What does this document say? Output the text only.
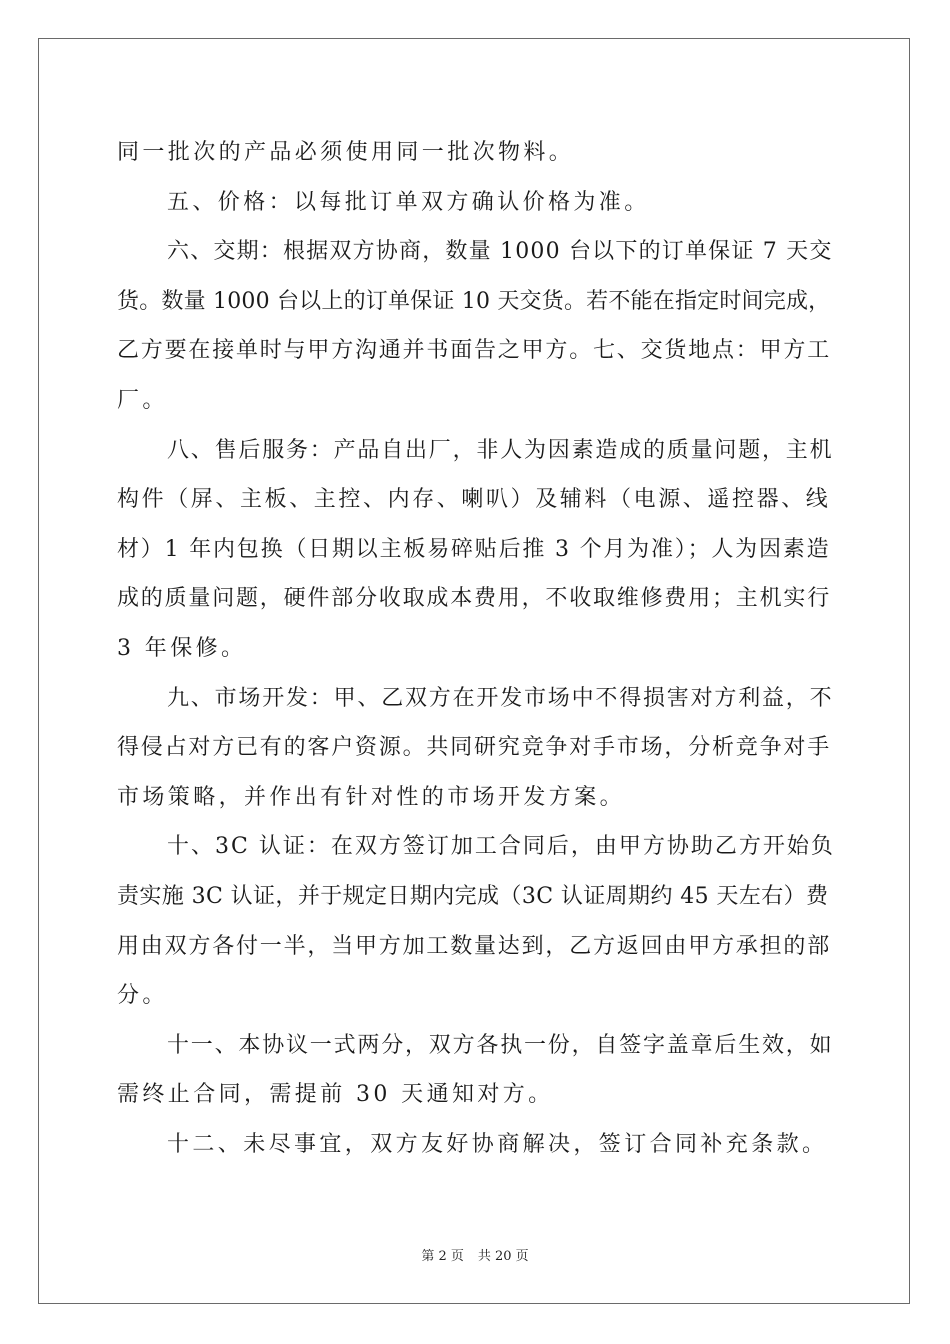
同一批次的产品必须使用同一批次物料。
五、价格：以每批订单双方确认价格为准。
六、交期：根据双方协商，数量 1000 台以下的订单保证 7 天交
货。数量 1000 台以上的订单保证 10 天交货。若不能在指定时间完成，
乙方要在接单时与甲方沟通并书面告之甲方。七、交货地点：甲方工
厂。
八、售后服务：产品自出厂，非人为因素造成的质量问题，主机
构件（屏、主板、主控、内存、喇叭）及辅料（电源、遥控器、线
材）1 年内包换（日期以主板易碎贴后推 3 个月为准）；人为因素造
成的质量问题，硬件部分收取成本费用，不收取维修费用；主机实行
3 年保修。
九、市场开发：甲、乙双方在开发市场中不得损害对方利益，不
得侵占对方已有的客户资源。共同研究竞争对手市场，分析竞争对手
市场策略，并作出有针对性的市场开发方案。
十、3C 认证：在双方签订加工合同后，由甲方协助乙方开始负
责实施 3C 认证，并于规定日期内完成（3C 认证周期约 45 天左右）费
用由双方各付一半，当甲方加工数量达到，乙方返回由甲方承担的部
分。
十一、本协议一式两分，双方各执一份，自签字盖章后生效，如
需终止合同，需提前 30 天通知对方。
十二、未尽事宜，双方友好协商解决，签订合同补充条款。
第 2 页 共 20 页
